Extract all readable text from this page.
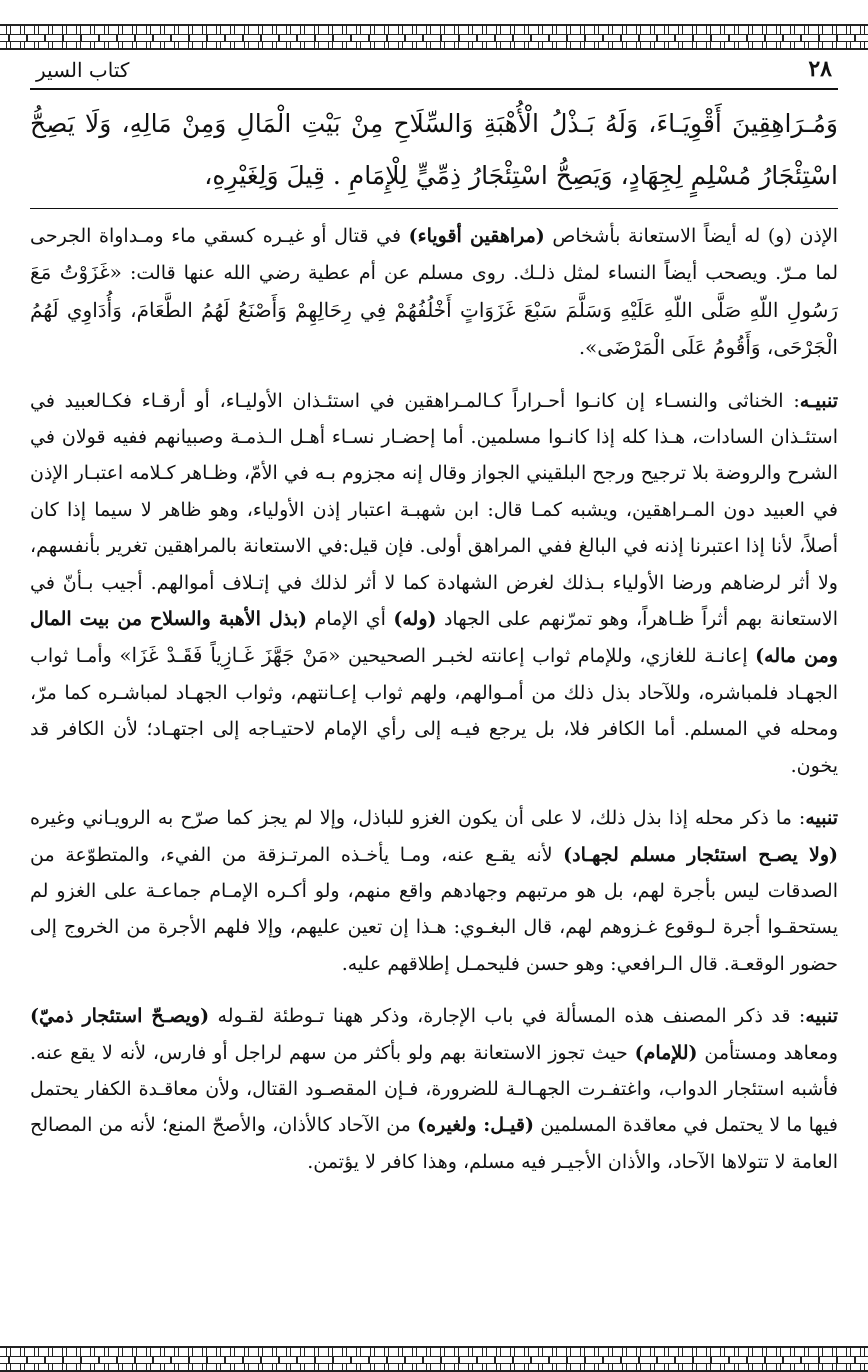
٢٨
كتاب السير
وَمُـرَاهِقِينَ أَقْوِيَـاءَ، وَلَهُ بَـذْلُ الْأُهْبَةِ وَالسِّلَاحِ مِنْ بَيْتِ الْمَالِ وَمِنْ مَالِهِ، وَلَا يَصِحُّ اسْتِئْجَارُ مُسْلِمٍ لِجِهَادٍ، وَيَصِحُّ اسْتِئْجَارُ ذِمِّيٍّ لِلْإِمَامِ . قِيلَ وَلِغَيْرِهِ،

الإذن (و) له أيضاً الاستعانة بأشخاص (مراهقين أقوياء) في قتال أو غيـره كسقي ماء ومـداواة الجرحى لما مـرّ. ويصحب أيضاً النساء لمثل ذلـك. روى مسلم عن أم عطية رضي الله عنها قالت: «غَزَوْتُ مَعَ رَسُولِ اللّهِ صَلَّى اللّهِ عَلَيْهِ وَسَلَّمَ سَبْعَ غَزَوَاتٍ أَخْلُفُهُمْ فِي رِحَالِهِمْ وَأَصْنَعُ لَهُمُ الطَّعَامَ، وَأُدَاوِي لَهُمُ الْجَرْحَى، وَأَقُومُ عَلَى الْمَرْضَى».

تنبيـه: الخناثى والنسـاء إن كانـوا أحـراراً كـالمـراهقين في استئـذان الأوليـاء، أو أرقـاء فكـالعبيد في استئـذان السادات، هـذا كله إذا كانـوا مسلمين. أما إحضـار نسـاء أهـل الـذمـة وصبيانهم ففيه قولان في الشرح والروضة بلا ترجيح ورجح البلقيني الجواز وقال إنه مجزوم بـه في الأمّ، وظـاهر كـلامه اعتبـار الإذن في العبيد دون المـراهقين، ويشبه كمـا قال: ابن شهبـة اعتبار إذن الأولياء، وهو ظاهر لا سيما إذا كان أصلاً، لأنا إذا اعتبرنا إذنه في البالغ ففي المراهق أولى. فإن قيل:في الاستعانة بالمراهقين تغرير بأنفسهم، ولا أثر لرضاهم ورضا الأولياء بـذلك لغرض الشهادة كما لا أثر لذلك في إتـلاف أموالهم. أجيب بـأنّ في الاستعانة بهم أثراً ظـاهراً، وهو تمرّنهم على الجهاد (وله) أي الإمام (بذل الأهبة والسلاح من بيت المال ومن ماله) إعانـة للغازي، وللإمام ثواب إعانته لخبـر الصحيحين «مَنْ جَهَّزَ غَـازِياً فَقَـدْ غَزَا» وأمـا ثواب الجهـاد فلمباشره، وللآحاد بذل ذلك من أمـوالهم، ولهم ثواب إعـانتهم، وثواب الجهـاد لمباشـره كما مرّ، ومحله في المسلم. أما الكافر فلا، بل يرجع فيـه إلى رأي الإمام لاحتيـاجه إلى اجتهـاد؛ لأن الكافر قد يخون.

تنبيه: ما ذكر محله إذا بذل ذلك، لا على أن يكون الغزو للباذل، وإلا لم يجز كما صرّح به الرويـاني وغيره (ولا يصـح استئجار مسلم لجهـاد) لأنه يقـع عنه، ومـا يأخـذه المرتـزقة من الفيء، والمتطوّعة من الصدقات ليس بأجرة لهم، بل هو مرتبهم وجهادهم واقع منهم، ولو أكـره الإمـام جماعـة على الغزو لم يستحقـوا أجرة لـوقوع غـزوهم لهم، قال البغـوي: هـذا إن تعين عليهم، وإلا فلهم الأجرة من الخروج إلى حضور الوقعـة. قال الـرافعي: وهو حسن فليحمـل إطلاقهم عليه.

تنبيه: قد ذكر المصنف هذه المسألة في باب الإجارة، وذكر ههنا تـوطئة لقـوله (ويصـحّ استئجار ذميّ) ومعاهد ومستأمن (للإمام) حيث تجوز الاستعانة بهم ولو بأكثر من سهم لراجل أو فارس، لأنه لا يقع عنه. فأشبه استئجار الدواب، واغتفـرت الجهـالـة للضرورة، فـإن المقصـود القتال، ولأن معاقـدة الكفار يحتمل فيها ما لا يحتمل في معاقدة المسلمين (قيـل: ولغيره) من الآحاد كالأذان، والأصحّ المنع؛ لأنه من المصالح العامة لا تتولاها الآحاد، والأذان الأجيـر فيه مسلم، وهذا كافر لا يؤتمن.
